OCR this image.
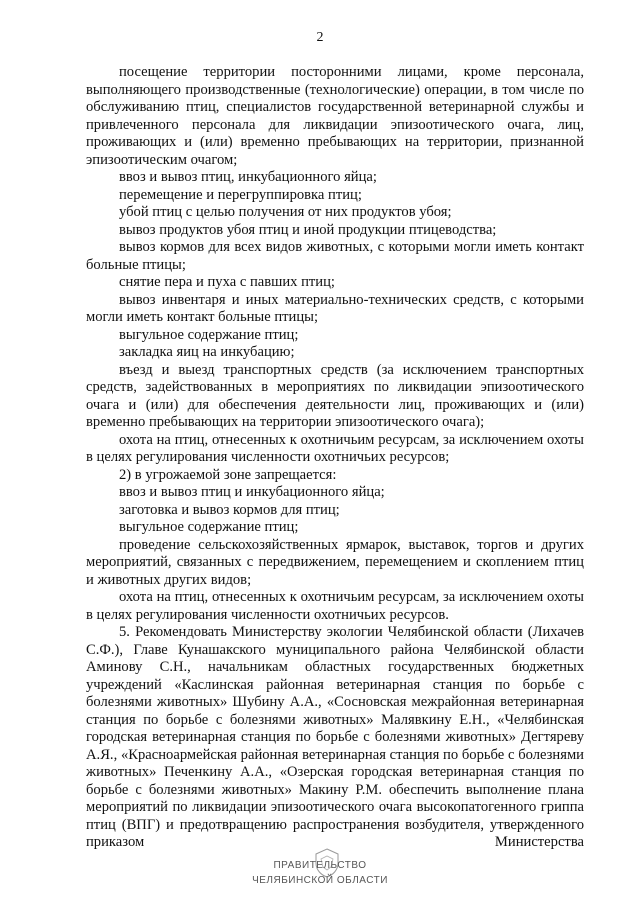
2

посещение территории посторонними лицами, кроме персонала, выполняющего производственные (технологические) операции, в том числе по обслуживанию птиц, специалистов государственной ветеринарной службы и привлеченного персонала для ликвидации эпизоотического очага, лиц, проживающих и (или) временно пребывающих на территории, признанной эпизоотическим очагом;

ввоз и вывоз птиц, инкубационного яйца;

перемещение и перегруппировка птиц;

убой птиц с целью получения от них продуктов убоя;

вывоз продуктов убоя птиц и иной продукции птицеводства;

вывоз кормов для всех видов животных, с которыми могли иметь контакт больные птицы;

снятие пера и пуха с павших птиц;

вывоз инвентаря и иных материально-технических средств, с которыми могли иметь контакт больные птицы;

выгульное содержание птиц;

закладка яиц на инкубацию;

въезд и выезд транспортных средств (за исключением транспортных средств, задействованных в мероприятиях по ликвидации эпизоотического очага и (или) для обеспечения деятельности лиц, проживающих и (или) временно пребывающих на территории эпизоотического очага);

охота на птиц, отнесенных к охотничьим ресурсам, за исключением охоты в целях регулирования численности охотничьих ресурсов;

2) в угрожаемой зоне запрещается:

ввоз и вывоз птиц и инкубационного яйца;

заготовка и вывоз кормов для птиц;

выгульное содержание птиц;

проведение сельскохозяйственных ярмарок, выставок, торгов и других мероприятий, связанных с передвижением, перемещением и скоплением птиц и животных других видов;

охота на птиц, отнесенных к охотничьим ресурсам, за исключением охоты в целях регулирования численности охотничьих ресурсов.

5. Рекомендовать Министерству экологии Челябинской области (Лихачев С.Ф.), Главе Кунашакского муниципального района Челябинской области Аминову С.Н., начальникам областных государственных бюджетных учреждений «Каслинская районная ветеринарная станция по борьбе с болезнями животных» Шубину А.А., «Сосновская межрайонная ветеринарная станция по борьбе с болезнями животных» Малявкину Е.Н., «Челябинская городская ветеринарная станция по борьбе с болезнями животных» Дегтяреву А.Я., «Красноармейская районная ветеринарная станция по борьбе с болезнями животных» Печенкину А.А., «Озерская городская ветеринарная станция по борьбе с болезнями животных» Макину Р.М. обеспечить выполнение плана мероприятий по ликвидации эпизоотического очага высокопатогенного гриппа птиц (ВПГ) и предотвращению распространения возбудителя, утвержденного приказом Министерства

ПРАВИТЕЛЬСТВО
ЧЕЛЯБИНСКОЙ ОБЛАСТИ
